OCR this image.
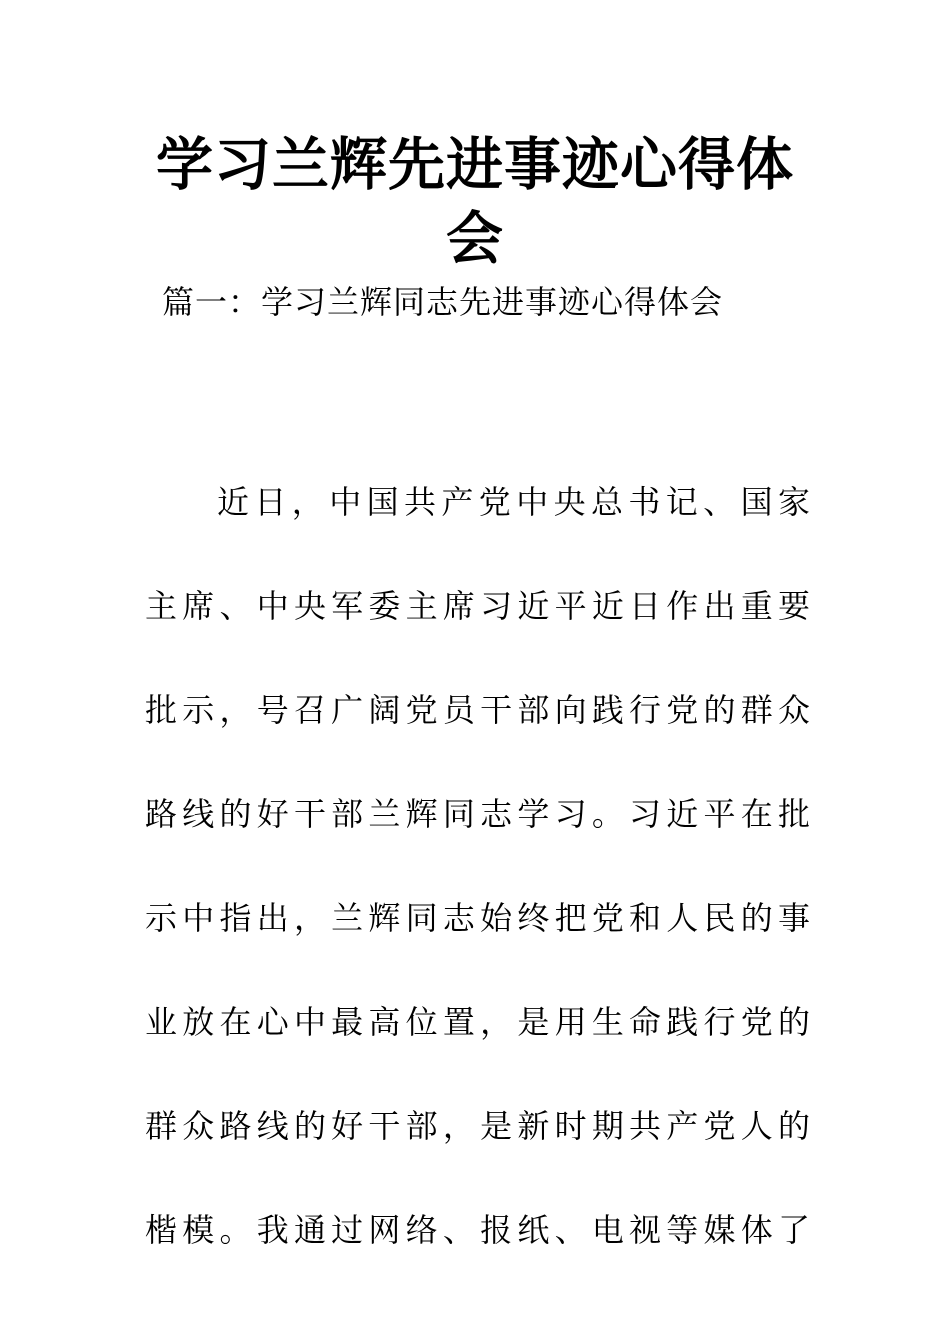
学习兰辉先进事迹心得体
会
篇一：学习兰辉同志先进事迹心得体会
近日，中国共产党中央总书记、国家
主席、中央军委主席习近平近日作出重要
批示，号召广阔党员干部向践行党的群众
路线的好干部兰辉同志学习。习近平在批
示中指出，兰辉同志始终把党和人民的事
业放在心中最高位置，是用生命践行党的
群众路线的好干部，是新时期共产党人的
楷模。我通过网络、报纸、电视等媒体了
